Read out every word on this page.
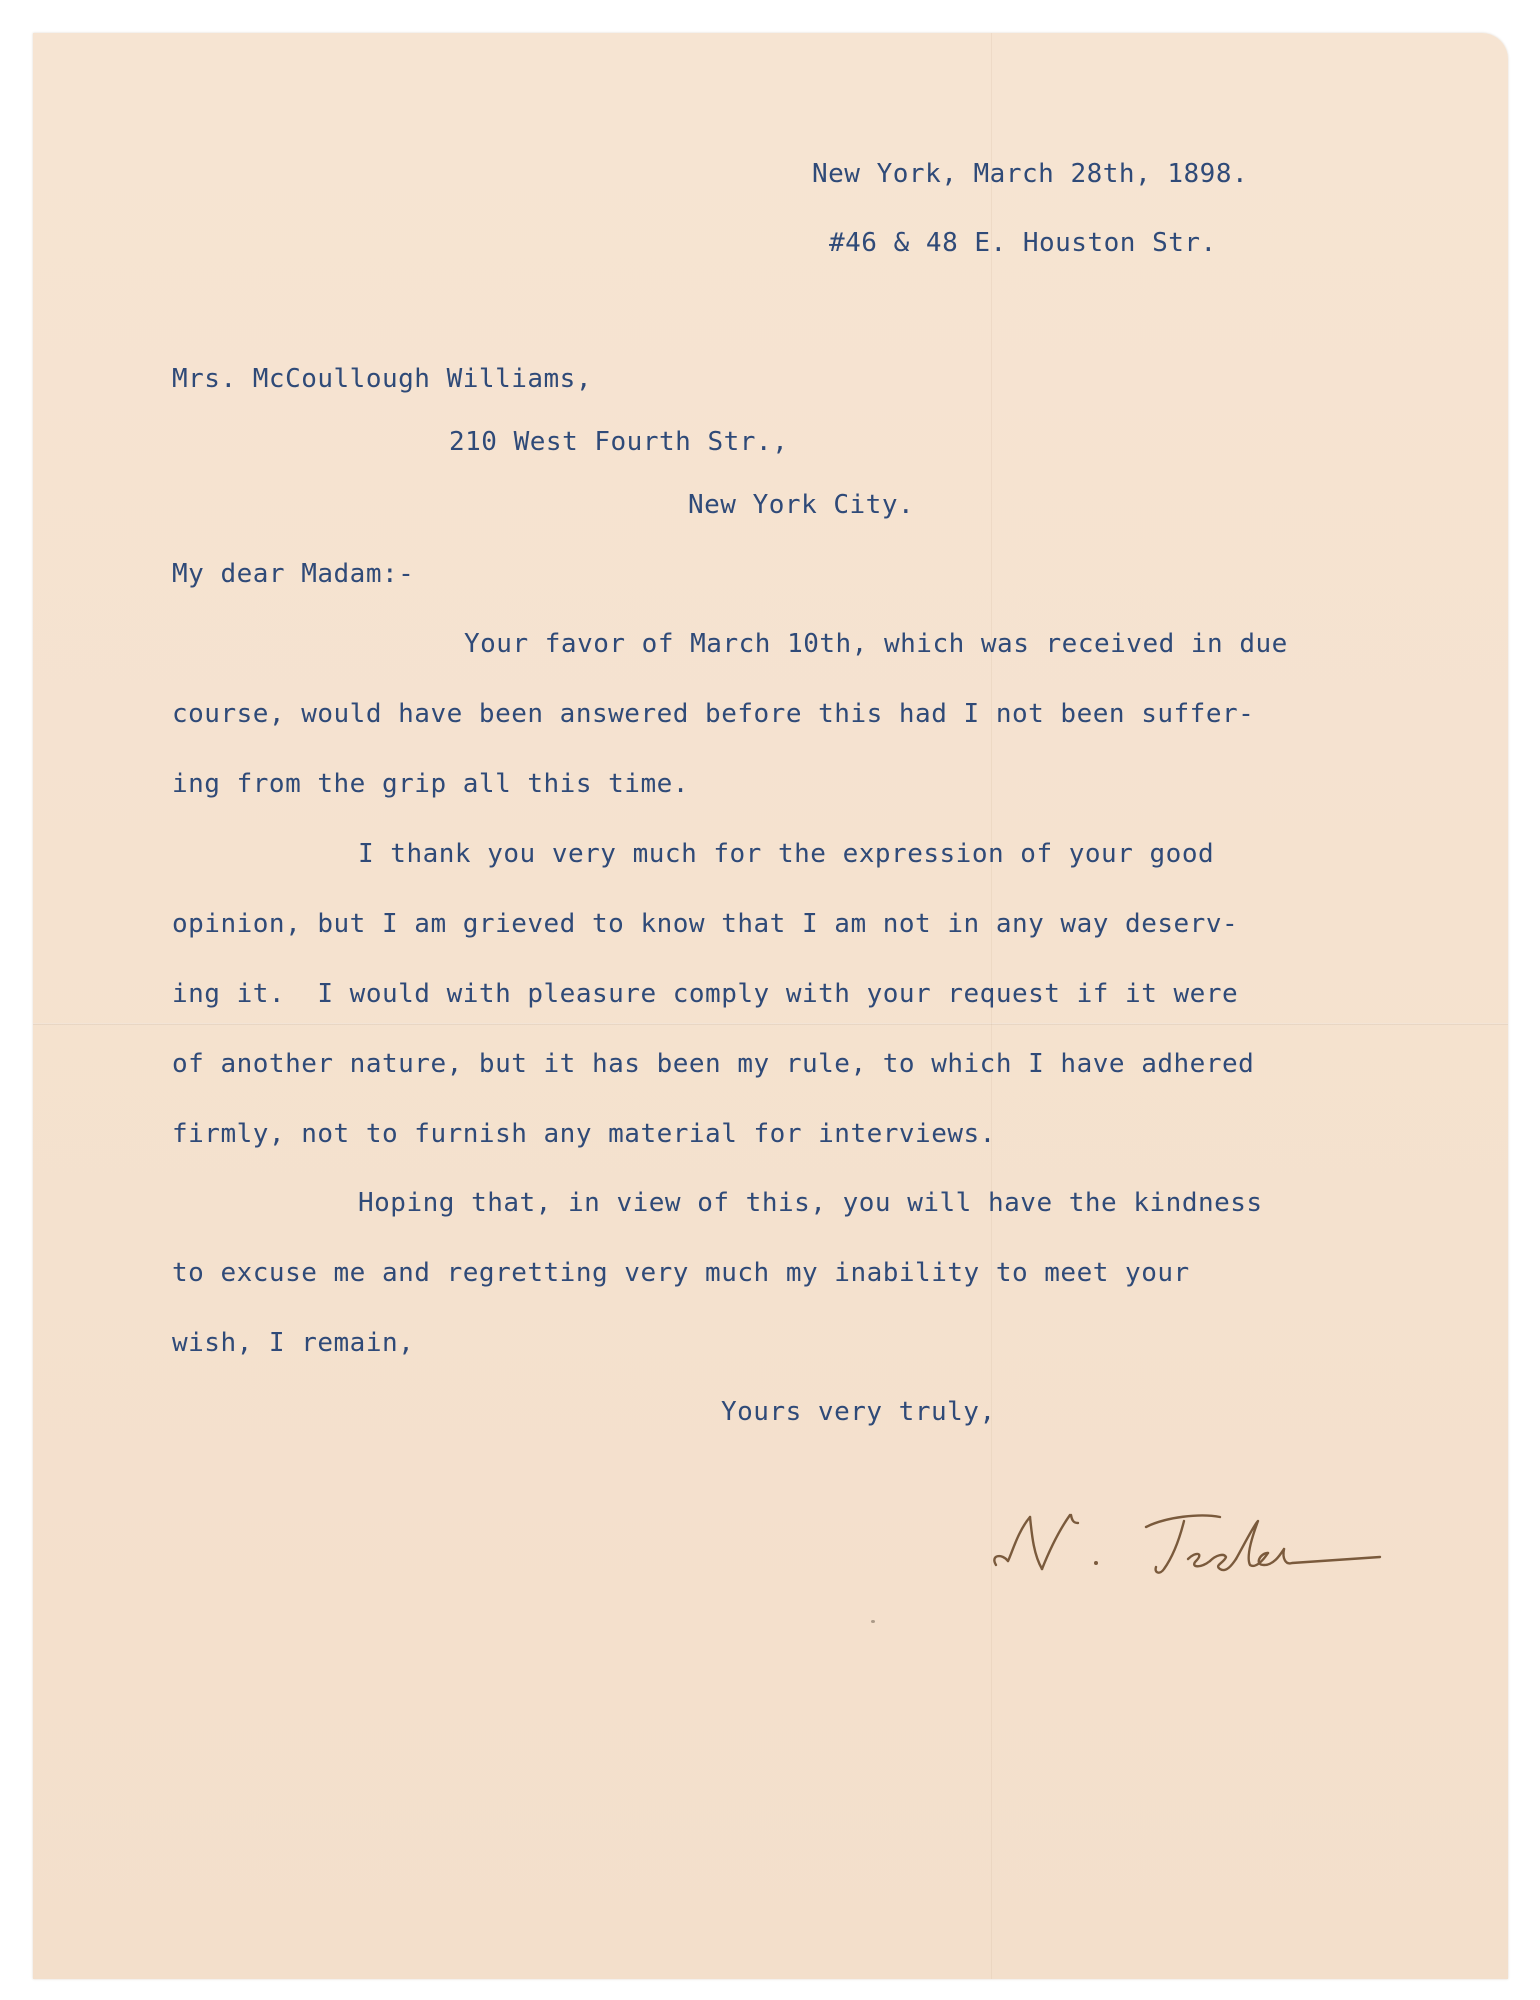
New York, March 28th, 1898.

#46 & 48 E. Houston Str.

Mrs. McCoullough Williams,

210 West Fourth Str.,

New York City.

My dear Madam:-

Your favor of March 10th, which was received in due

course, would have been answered before this had I not been suffer-

ing from the grip all this time.

I thank you very much for the expression of your good

opinion, but I am grieved to know that I am not in any way deserv-

ing it.  I would with pleasure comply with your request if it were

of another nature, but it has been my rule, to which I have adhered

firmly, not to furnish any material for interviews.

Hoping that, in view of this, you will have the kindness

to excuse me and regretting very much my inability to meet your

wish, I remain,

Yours very truly,
